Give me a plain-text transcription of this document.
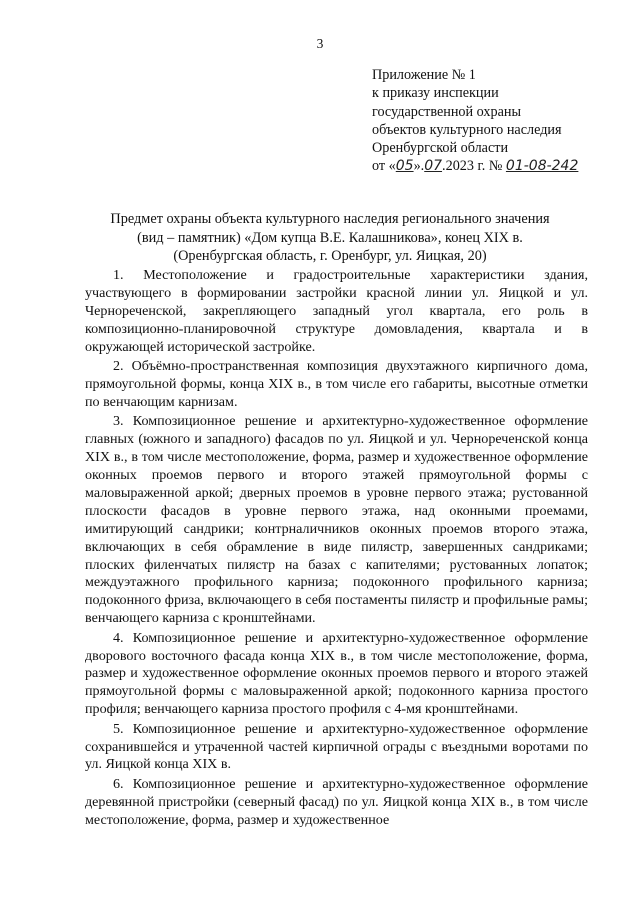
3
Приложение № 1
к приказу инспекции
государственной охраны
объектов культурного наследия
Оренбургской области
от «05».07.2023 г. № 01-08-242
Предмет охраны объекта культурного наследия регионального значения
(вид – памятник) «Дом купца В.Е. Калашникова», конец XIX в.
(Оренбургская область, г. Оренбург, ул. Яицкая, 20)

1. Местоположение и градостроительные характеристики здания, участвующего в формировании застройки красной линии ул. Яицкой и ул. Чернореченской, закрепляющего западный угол квартала, его роль в композиционно-планировочной структуре домовладения, квартала и в окружающей исторической застройке.

2. Объёмно-пространственная композиция двухэтажного кирпичного дома, прямоугольной формы, конца XIX в., в том числе его габариты, высотные отметки по венчающим карнизам.

3. Композиционное решение и архитектурно-художественное оформление главных (южного и западного) фасадов по ул. Яицкой и ул. Чернореченской конца XIX в., в том числе местоположение, форма, размер и художественное оформление оконных проемов первого и второго этажей прямоугольной формы с маловыраженной аркой; дверных проемов в уровне первого этажа; рустованной плоскости фасадов в уровне первого этажа, над оконными проемами, имитирующий сандрики; контрналичников оконных проемов второго этажа, включающих в себя обрамление в виде пилястр, завершенных сандриками; плоских филенчатых пилястр на базах с капителями; рустованных лопаток; междуэтажного профильного карниза; подоконного профильного карниза; подоконного фриза, включающего в себя постаменты пилястр и профильные рамы; венчающего карниза с кронштейнами.

4. Композиционное решение и архитектурно-художественное оформление дворового восточного фасада конца XIX в., в том числе местоположение, форма, размер и художественное оформление оконных проемов первого и второго этажей прямоугольной формы с маловыраженной аркой; подоконного карниза простого профиля; венчающего карниза простого профиля с 4-мя кронштейнами.

5. Композиционное решение и архитектурно-художественное оформление сохранившейся и утраченной частей кирпичной ограды с въездными воротами по ул. Яицкой конца XIX в.

6. Композиционное решение и архитектурно-художественное оформление деревянной пристройки (северный фасад) по ул. Яицкой конца XIX в., в том числе местоположение, форма, размер и художественное
